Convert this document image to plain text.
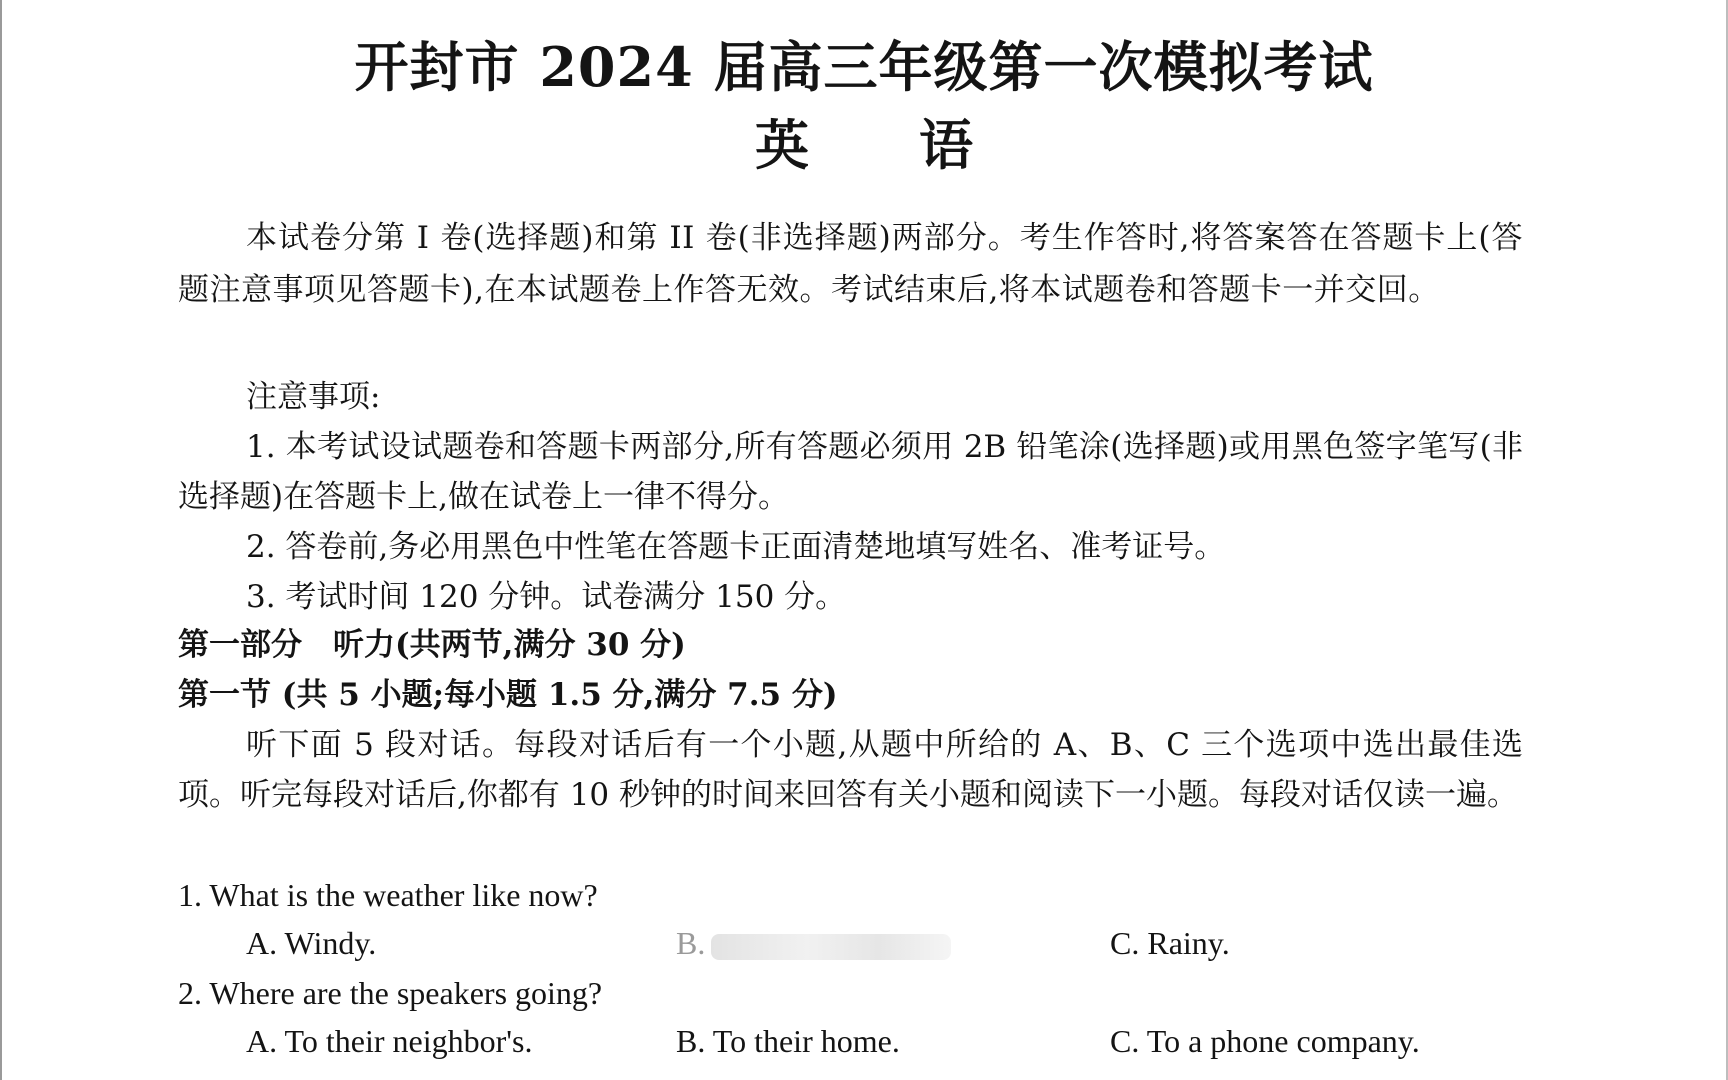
开封市 2024 届高三年级第一次模拟考试
英 语
本试卷分第 I 卷(选择题)和第 II 卷(非选择题)两部分。考生作答时,将答案答在答题卡上(答题注意事项见答题卡),在本试题卷上作答无效。考试结束后,将本试题卷和答题卡一并交回。
注意事项:
1. 本考试设试题卷和答题卡两部分,所有答题必须用 2B 铅笔涂(选择题)或用黑色签字笔写(非选择题)在答题卡上,做在试卷上一律不得分。
2. 答卷前,务必用黑色中性笔在答题卡正面清楚地填写姓名、准考证号。
3. 考试时间 120 分钟。试卷满分 150 分。
第一部分　听力(共两节,满分 30 分)
第一节 (共 5 小题;每小题 1.5 分,满分 7.5 分)
听下面 5 段对话。每段对话后有一个小题,从题中所给的 A、B、C 三个选项中选出最佳选项。听完每段对话后,你都有 10 秒钟的时间来回答有关小题和阅读下一小题。每段对话仅读一遍。
1. What is the weather like now?
A. Windy.	B.	C. Rainy.
2. Where are the speakers going?
A. To their neighbor's.	B. To their home.	C. To a phone company.
